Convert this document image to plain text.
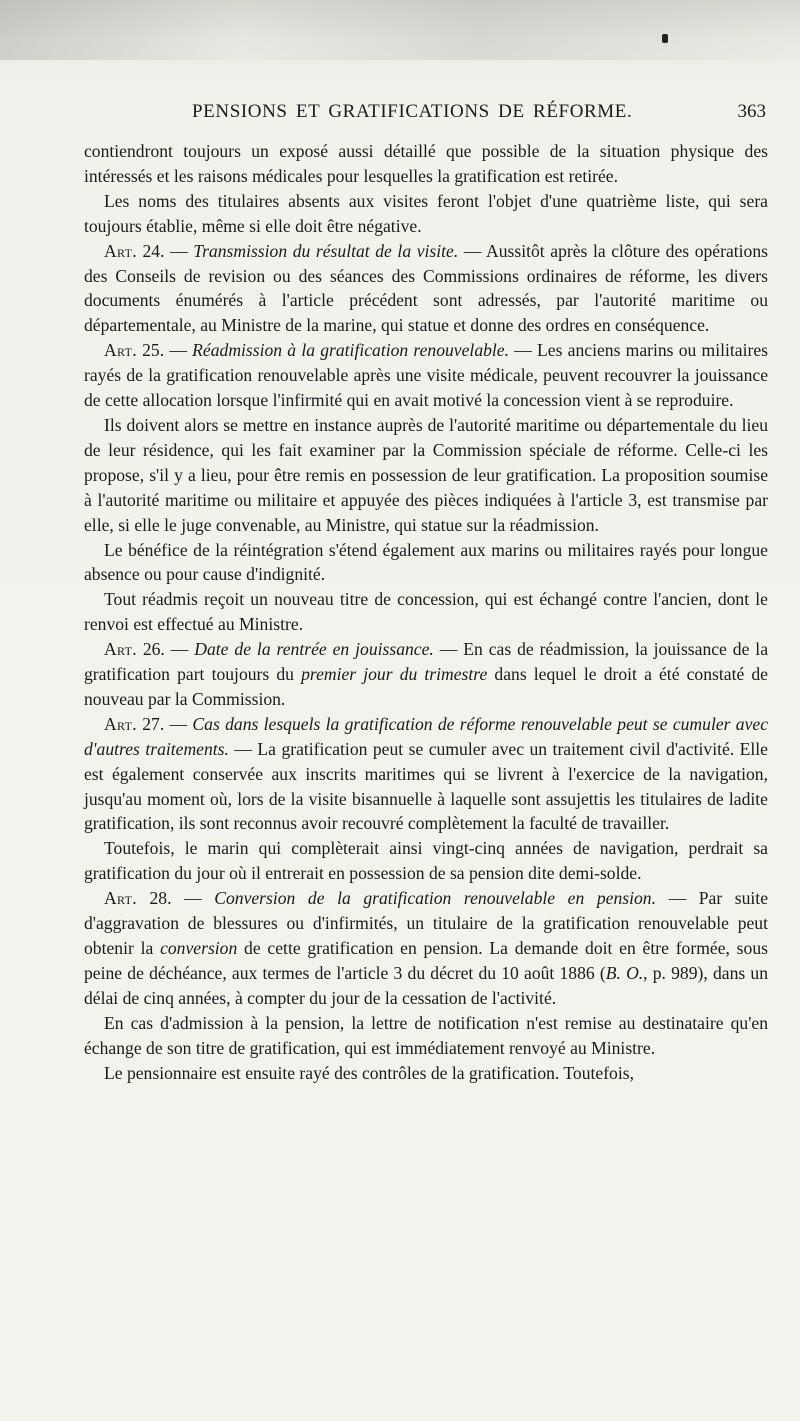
PENSIONS ET GRATIFICATIONS DE RÉFORME.	363

contiendront toujours un exposé aussi détaillé que possible de la situation physique des intéressés et les raisons médicales pour lesquelles la gratification est retirée.

Les noms des titulaires absents aux visites feront l'objet d'une quatrième liste, qui sera toujours établie, même si elle doit être négative.

Art. 24. — Transmission du résultat de la visite. — Aussitôt après la clôture des opérations des Conseils de revision ou des séances des Commissions ordinaires de réforme, les divers documents énumérés à l'article précédent sont adressés, par l'autorité maritime ou départementale, au Ministre de la marine, qui statue et donne des ordres en conséquence.

Art. 25. — Réadmission à la gratification renouvelable. — Les anciens marins ou militaires rayés de la gratification renouvelable après une visite médicale, peuvent recouvrer la jouissance de cette allocation lorsque l'infirmité qui en avait motivé la concession vient à se reproduire.

Ils doivent alors se mettre en instance auprès de l'autorité maritime ou départementale du lieu de leur résidence, qui les fait examiner par la Commission spéciale de réforme. Celle-ci les propose, s'il y a lieu, pour être remis en possession de leur gratification. La proposition soumise à l'autorité maritime ou militaire et appuyée des pièces indiquées à l'article 3, est transmise par elle, si elle le juge convenable, au Ministre, qui statue sur la réadmission.

Le bénéfice de la réintégration s'étend également aux marins ou militaires rayés pour longue absence ou pour cause d'indignité.

Tout réadmis reçoit un nouveau titre de concession, qui est échangé contre l'ancien, dont le renvoi est effectué au Ministre.

Art. 26. — Date de la rentrée en jouissance. — En cas de réadmission, la jouissance de la gratification part toujours du premier jour du trimestre dans lequel le droit a été constaté de nouveau par la Commission.

Art. 27. — Cas dans lesquels la gratification de réforme renouvelable peut se cumuler avec d'autres traitements. — La gratification peut se cumuler avec un traitement civil d'activité. Elle est également conservée aux inscrits maritimes qui se livrent à l'exercice de la navigation, jusqu'au moment où, lors de la visite bisannuelle à laquelle sont assujettis les titulaires de ladite gratification, ils sont reconnus avoir recouvré complètement la faculté de travailler.

Toutefois, le marin qui complèterait ainsi vingt-cinq années de navigation, perdrait sa gratification du jour où il entrerait en possession de sa pension dite demi-solde.

Art. 28. — Conversion de la gratification renouvelable en pension. — Par suite d'aggravation de blessures ou d'infirmités, un titulaire de la gratification renouvelable peut obtenir la conversion de cette gratification en pension. La demande doit en être formée, sous peine de déchéance, aux termes de l'article 3 du décret du 10 août 1886 (B. O., p. 989), dans un délai de cinq années, à compter du jour de la cessation de l'activité.

En cas d'admission à la pension, la lettre de notification n'est remise au destinataire qu'en échange de son titre de gratification, qui est immédiatement renvoyé au Ministre.

Le pensionnaire est ensuite rayé des contrôles de la gratification. Toutefois,
